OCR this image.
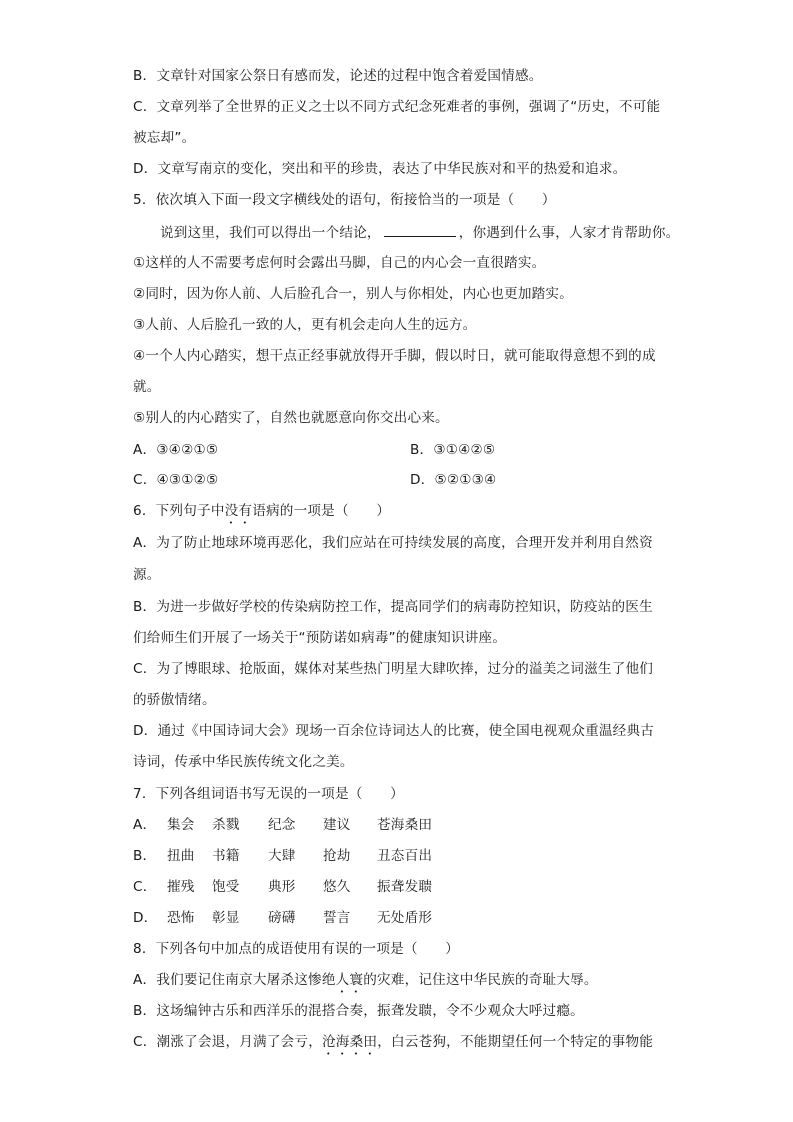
B．文章针对国家公祭日有感而发，论述的过程中饱含着爱国情感。
C．文章列举了全世界的正义之士以不同方式纪念死难者的事例，强调了“历史，不可能
被忘却”。
D．文章写南京的变化，突出和平的珍贵，表达了中华民族对和平的热爱和追求。
5．依次填入下面一段文字横线处的语句，衔接恰当的一项是（　　）
说到这里，我们可以得出一个结论，	，你遇到什么事，人家才肯帮助你。
①这样的人不需要考虑何时会露出马脚，自己的内心会一直很踏实。
②同时，因为你人前、人后脸孔合一，别人与你相处，内心也更加踏实。
③人前、人后脸孔一致的人，更有机会走向人生的远方。
④一个人内心踏实，想干点正经事就放得开手脚，假以时日，就可能取得意想不到的成
就。
⑤别人的内心踏实了，自然也就愿意向你交出心来。
A．③④②①⑤	B．③①④②⑤
C．④③①②⑤	D．⑤②①③④
6．下列句子中没有语病的一项是（　　）
A．为了防止地球环境再恶化，我们应站在可持续发展的高度，合理开发并利用自然资
源。
B．为进一步做好学校的传染病防控工作，提高同学们的病毒防控知识，防疫站的医生
们给师生们开展了一场关于“预防诺如病毒”的健康知识讲座。
C．为了博眼球、抢版面，媒体对某些热门明星大肆吹捧，过分的溢美之词滋生了他们
的骄傲情绪。
D．通过《中国诗词大会》现场一百余位诗词达人的比赛，使全国电视观众重温经典古
诗词，传承中华民族传统文化之美。
7．下列各组词语书写无误的一项是（　　）
A． 集会 杀戮 纪念 建议 苍海桑田
B． 扭曲 书籍 大肆 抢劫 丑态百出
C． 摧残 饱受 典形 悠久 振聋发聩
D． 恐怖 彰显 磅礴 誓言 无处盾形
8．下列各句中加点的成语使用有误的一项是（　　）
A．我们要记住南京大屠杀这惨绝人寰的灾难，记住这中华民族的奇耻大辱。
B．这场编钟古乐和西洋乐的混搭合奏，振聋发聩，令不少观众大呼过瘾。
C．潮涨了会退，月满了会亏，沧海桑田，白云苍狗，不能期望任何一个特定的事物能
